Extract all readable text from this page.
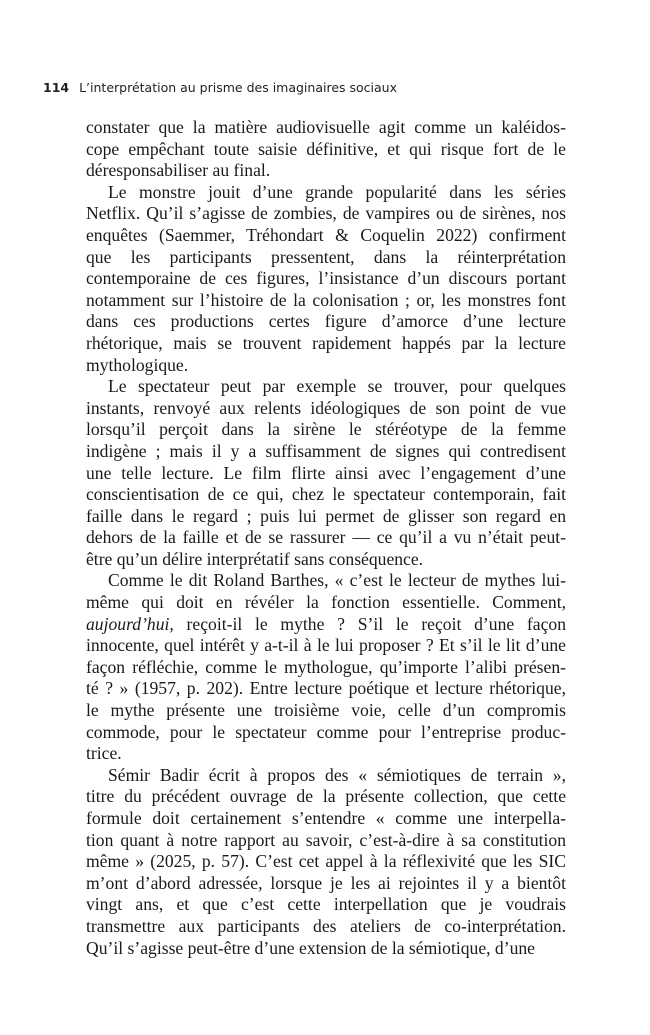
114 L’interprétation au prisme des imaginaires sociaux

constater que la matière audiovisuelle agit comme un kaléidos-
cope empêchant toute saisie définitive, et qui risque fort de le
déresponsabiliser au final.

Le monstre jouit d’une grande popularité dans les séries
Netflix. Qu’il s’agisse de zombies, de vampires ou de sirènes, nos
enquêtes (Saemmer, Tréhondart & Coquelin 2022) confirment
que les participants pressentent, dans la réinterprétation
contemporaine de ces figures, l’insistance d’un discours portant
notamment sur l’histoire de la colonisation ; or, les monstres font
dans ces productions certes figure d’amorce d’une lecture
rhétorique, mais se trouvent rapidement happés par la lecture
mythologique.

Le spectateur peut par exemple se trouver, pour quelques
instants, renvoyé aux relents idéologiques de son point de vue
lorsqu’il perçoit dans la sirène le stéréotype de la femme
indigène ; mais il y a suffisamment de signes qui contredisent
une telle lecture. Le film flirte ainsi avec l’engagement d’une
conscientisation de ce qui, chez le spectateur contemporain, fait
faille dans le regard ; puis lui permet de glisser son regard en
dehors de la faille et de se rassurer — ce qu’il a vu n’était peut-
être qu’un délire interprétatif sans conséquence.

Comme le dit Roland Barthes, « c’est le lecteur de mythes lui-
même qui doit en révéler la fonction essentielle. Comment,
aujourd’hui, reçoit-il le mythe ? S’il le reçoit d’une façon
innocente, quel intérêt y a-t-il à le lui proposer ? Et s’il le lit d’une
façon réfléchie, comme le mythologue, qu’importe l’alibi présen-
té ? » (1957, p. 202). Entre lecture poétique et lecture rhétorique,
le mythe présente une troisième voie, celle d’un compromis
commode, pour le spectateur comme pour l’entreprise produc-
trice.

Sémir Badir écrit à propos des « sémiotiques de terrain »,
titre du précédent ouvrage de la présente collection, que cette
formule doit certainement s’entendre « comme une interpella-
tion quant à notre rapport au savoir, c’est-à-dire à sa constitution
même » (2025, p. 57). C’est cet appel à la réflexivité que les SIC
m’ont d’abord adressée, lorsque je les ai rejointes il y a bientôt
vingt ans, et que c’est cette interpellation que je voudrais
transmettre aux participants des ateliers de co-interprétation.
Qu’il s’agisse peut-être d’une extension de la sémiotique, d’une
